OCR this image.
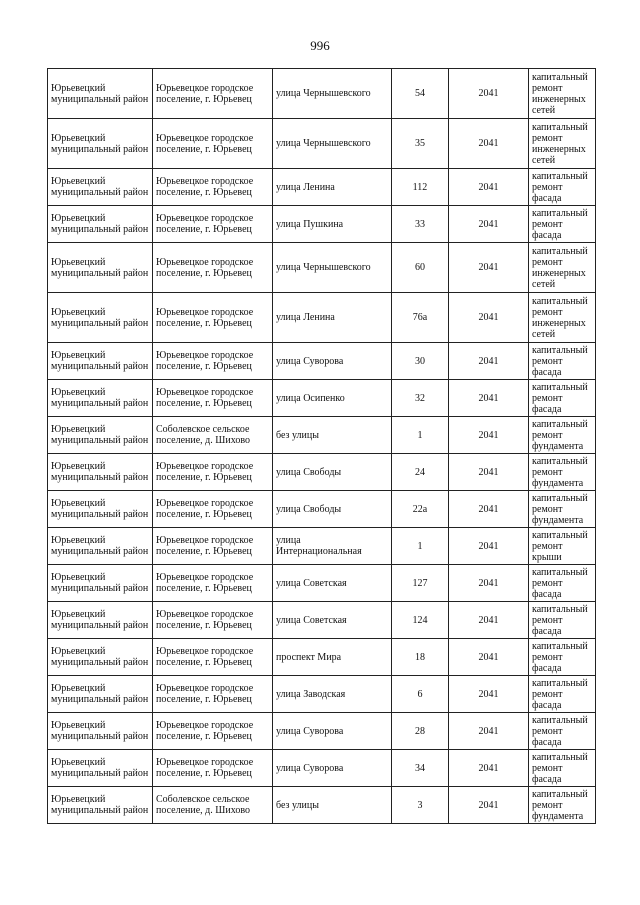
996
Юрьевецкий муниципальный район	Юрьевецкое городское поселение, г. Юрьевец	улица Чернышевского	54	2041	капитальный ремонт инженерных сетей
Юрьевецкий муниципальный район	Юрьевецкое городское поселение, г. Юрьевец	улица Чернышевского	35	2041	капитальный ремонт инженерных сетей
Юрьевецкий муниципальный район	Юрьевецкое городское поселение, г. Юрьевец	улица Ленина	112	2041	капитальный ремонт фасада
Юрьевецкий муниципальный район	Юрьевецкое городское поселение, г. Юрьевец	улица Пушкина	33	2041	капитальный ремонт фасада
Юрьевецкий муниципальный район	Юрьевецкое городское поселение, г. Юрьевец	улица Чернышевского	60	2041	капитальный ремонт инженерных сетей
Юрьевецкий муниципальный район	Юрьевецкое городское поселение, г. Юрьевец	улица Ленина	76а	2041	капитальный ремонт инженерных сетей
Юрьевецкий муниципальный район	Юрьевецкое городское поселение, г. Юрьевец	улица Суворова	30	2041	капитальный ремонт фасада
Юрьевецкий муниципальный район	Юрьевецкое городское поселение, г. Юрьевец	улица Осипенко	32	2041	капитальный ремонт фасада
Юрьевецкий муниципальный район	Соболевское сельское поселение, д. Шихово	без улицы	1	2041	капитальный ремонт фундамента
Юрьевецкий муниципальный район	Юрьевецкое городское поселение, г. Юрьевец	улица Свободы	24	2041	капитальный ремонт фундамента
Юрьевецкий муниципальный район	Юрьевецкое городское поселение, г. Юрьевец	улица Свободы	22а	2041	капитальный ремонт фундамента
Юрьевецкий муниципальный район	Юрьевецкое городское поселение, г. Юрьевец	улица Интернациональная	1	2041	капитальный ремонт крыши
Юрьевецкий муниципальный район	Юрьевецкое городское поселение, г. Юрьевец	улица Советская	127	2041	капитальный ремонт фасада
Юрьевецкий муниципальный район	Юрьевецкое городское поселение, г. Юрьевец	улица Советская	124	2041	капитальный ремонт фасада
Юрьевецкий муниципальный район	Юрьевецкое городское поселение, г. Юрьевец	проспект Мира	18	2041	капитальный ремонт фасада
Юрьевецкий муниципальный район	Юрьевецкое городское поселение, г. Юрьевец	улица Заводская	6	2041	капитальный ремонт фасада
Юрьевецкий муниципальный район	Юрьевецкое городское поселение, г. Юрьевец	улица Суворова	28	2041	капитальный ремонт фасада
Юрьевецкий муниципальный район	Юрьевецкое городское поселение, г. Юрьевец	улица Суворова	34	2041	капитальный ремонт фасада
Юрьевецкий муниципальный район	Соболевское сельское поселение, д. Шихово	без улицы	3	2041	капитальный ремонт фундамента
